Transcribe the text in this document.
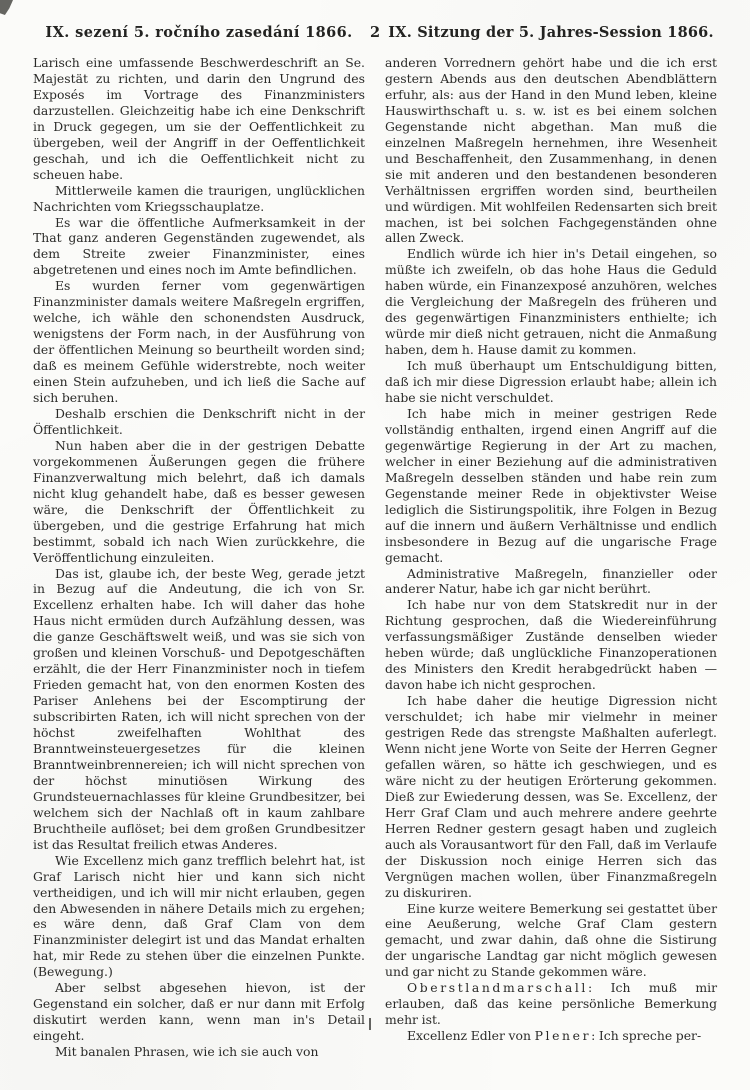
IX. sezení 5. ročního zasedání 1866.	2 IX. Sitzung der 5. Jahres-Session 1866.

Larisch eine umfassende Beschwerdeschrift an Se. Majestät zu richten, und darin den Ungrund des Exposés im Vortrage des Finanzministers darzustellen. Gleichzeitig habe ich eine Denkschrift in Druck gegegen, um sie der Oeffentlichkeit zu übergeben, weil der Angriff in der Oeffentlichkeit geschah, und ich die Oeffentlichkeit nicht zu scheuen habe.

Mittlerweile kamen die traurigen, unglücklichen Nachrichten vom Kriegsschauplatze.

Es war die öffentliche Aufmerksamkeit in der That ganz anderen Gegenständen zugewendet, als dem Streite zweier Finanzminister, eines abgetretenen und eines noch im Amte befindlichen.

Es wurden ferner vom gegenwärtigen Finanzminister damals weitere Maßregeln ergriffen, welche, ich wähle den schonendsten Ausdruck, wenigstens der Form nach, in der Ausführung von der öffentlichen Meinung so beurtheilt worden sind; daß es meinem Gefühle widerstrebte, noch weiter einen Stein aufzuheben, und ich ließ die Sache auf sich beruhen.

Deshalb erschien die Denkschrift nicht in der Öffentlichkeit.

Nun haben aber die in der gestrigen Debatte vorgekommenen Äußerungen gegen die frühere Finanzverwaltung mich belehrt, daß ich damals nicht klug gehandelt habe, daß es besser gewesen wäre, die Denkschrift der Öffentlichkeit zu übergeben, und die gestrige Erfahrung hat mich bestimmt, sobald ich nach Wien zurückkehre, die Veröffentlichung einzuleiten.

Das ist, glaube ich, der beste Weg, gerade jetzt in Bezug auf die Andeutung, die ich von Sr. Excellenz erhalten habe. Ich will daher das hohe Haus nicht ermüden durch Aufzählung dessen, was die ganze Geschäftswelt weiß, und was sie sich von großen und kleinen Vorschuß- und Depotgeschäften erzählt, die der Herr Finanzminister noch in tiefem Frieden gemacht hat, von den enormen Kosten des Pariser Anlehens bei der Escomptirung der subscribirten Raten, ich will nicht sprechen von der höchst zweifelhaften Wohlthat des Branntweinsteuergesetzes für die kleinen Branntweinbrennereien; ich will nicht sprechen von der höchst minutiösen Wirkung des Grundsteuernachlasses für kleine Grundbesitzer, bei welchem sich der Nachlaß oft in kaum zahlbare Bruchtheile auflöset; bei dem großen Grundbesitzer ist das Resultat freilich etwas Anderes.

Wie Excellenz mich ganz trefflich belehrt hat, ist Graf Larisch nicht hier und kann sich nicht vertheidigen, und ich will mir nicht erlauben, gegen den Abwesenden in nähere Details mich zu ergehen; es wäre denn, daß Graf Clam von dem Finanzminister delegirt ist und das Mandat erhalten hat, mir Rede zu stehen über die einzelnen Punkte. (Bewegung.)

Aber selbst abgesehen hievon, ist der Gegenstand ein solcher, daß er nur dann mit Erfolg diskutirt werden kann, wenn man in's Detail eingeht.

Mit banalen Phrasen, wie ich sie auch von

anderen Vorrednern gehört habe und die ich erst gestern Abends aus den deutschen Abendblättern erfuhr, als: aus der Hand in den Mund leben, kleine Hauswirthschaft u. s. w. ist es bei einem solchen Gegenstande nicht abgethan. Man muß die einzelnen Maßregeln hernehmen, ihre Wesenheit und Beschaffenheit, den Zusammenhang, in denen sie mit anderen und den bestandenen besonderen Verhältnissen ergriffen worden sind, beurtheilen und würdigen. Mit wohlfeilen Redensarten sich breit machen, ist bei solchen Fachgegenständen ohne allen Zweck.

Endlich würde ich hier in's Detail eingehen, so müßte ich zweifeln, ob das hohe Haus die Geduld haben würde, ein Finanzexposé anzuhören, welches die Vergleichung der Maßregeln des früheren und des gegenwärtigen Finanzministers enthielte; ich würde mir dieß nicht getrauen, nicht die Anmaßung haben, dem h. Hause damit zu kommen.

Ich muß überhaupt um Entschuldigung bitten, daß ich mir diese Digression erlaubt habe; allein ich habe sie nicht verschuldet.

Ich habe mich in meiner gestrigen Rede vollständig enthalten, irgend einen Angriff auf die gegenwärtige Regierung in der Art zu machen, welcher in einer Beziehung auf die administrativen Maßregeln desselben ständen und habe rein zum Gegenstande meiner Rede in objektivster Weise lediglich die Sistirungspolitik, ihre Folgen in Bezug auf die innern und äußern Verhältnisse und endlich insbesondere in Bezug auf die ungarische Frage gemacht.

Administrative Maßregeln, finanzieller oder anderer Natur, habe ich gar nicht berührt.

Ich habe nur von dem Statskredit nur in der Richtung gesprochen, daß die Wiedereinführung verfassungsmäßiger Zustände denselben wieder heben würde; daß unglückliche Finanzoperationen des Ministers den Kredit herabgedrückt haben — davon habe ich nicht gesprochen.

Ich habe daher die heutige Digression nicht verschuldet; ich habe mir vielmehr in meiner gestrigen Rede das strengste Maßhalten auferlegt. Wenn nicht jene Worte von Seite der Herren Gegner gefallen wären, so hätte ich geschwiegen, und es wäre nicht zu der heutigen Erörterung gekommen. Dieß zur Ewiederung dessen, was Se. Excellenz, der Herr Graf Clam und auch mehrere andere geehrte Herren Redner gestern gesagt haben und zugleich auch als Vorausantwort für den Fall, daß im Verlaufe der Diskussion noch einige Herren sich das Vergnügen machen wollen, über Finanzmaßregeln zu diskuriren.

Eine kurze weitere Bemerkung sei gestattet über eine Aeußerung, welche Graf Clam gestern gemacht, und zwar dahin, daß ohne die Sistirung der ungarische Landtag gar nicht möglich gewesen und gar nicht zu Stande gekommen wäre.

Oberstlandmarschall: Ich muß mir erlauben, daß das keine persönliche Bemerkung mehr ist.

Excellenz Edler von Plener: Ich spreche per-
